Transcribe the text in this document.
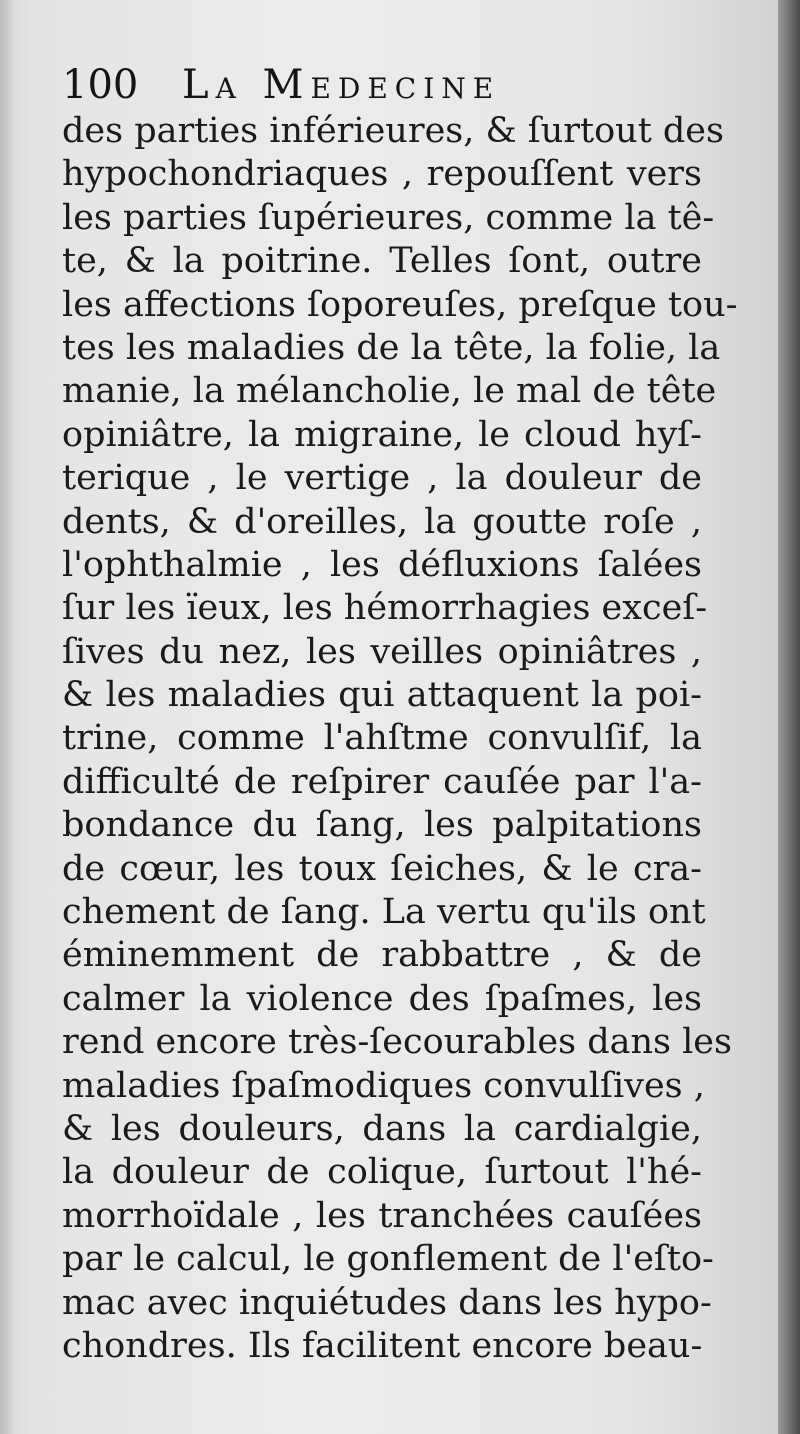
100 La Medecine
des parties inférieures, & ſurtout des
hypochondriaques , repouſſent vers
les parties ſupérieures, comme la tê-
te, & la poitrine. Telles ſont, outre
les affections ſoporeuſes, preſque tou-
tes les maladies de la tête, la folie, la
manie, la mélancholie, le mal de tête
opiniâtre, la migraine, le cloud hyſ-
terique , le vertige , la douleur de
dents, & d'oreilles, la goutte roſe ,
l'ophthalmie , les défluxions ſalées
ſur les ïeux, les hémorrhagies exceſ-
ſives du nez, les veilles opiniâtres ,
& les maladies qui attaquent la poi-
trine, comme l'ahſtme convulſif, la
difficulté de reſpirer cauſée par l'a-
bondance du ſang, les palpitations
de cœur, les toux ſeiches, & le cra-
chement de ſang. La vertu qu'ils ont
éminemment de rabbattre , & de
calmer la violence des ſpaſmes, les
rend encore très-ſecourables dans les
maladies ſpaſmodiques convulſives ,
& les douleurs, dans la cardialgie,
la douleur de colique, ſurtout l'hé-
morrhoïdale , les tranchées cauſées
par le calcul, le gonflement de l'eſto-
mac avec inquiétudes dans les hypo-
chondres. Ils facilitent encore beau-
